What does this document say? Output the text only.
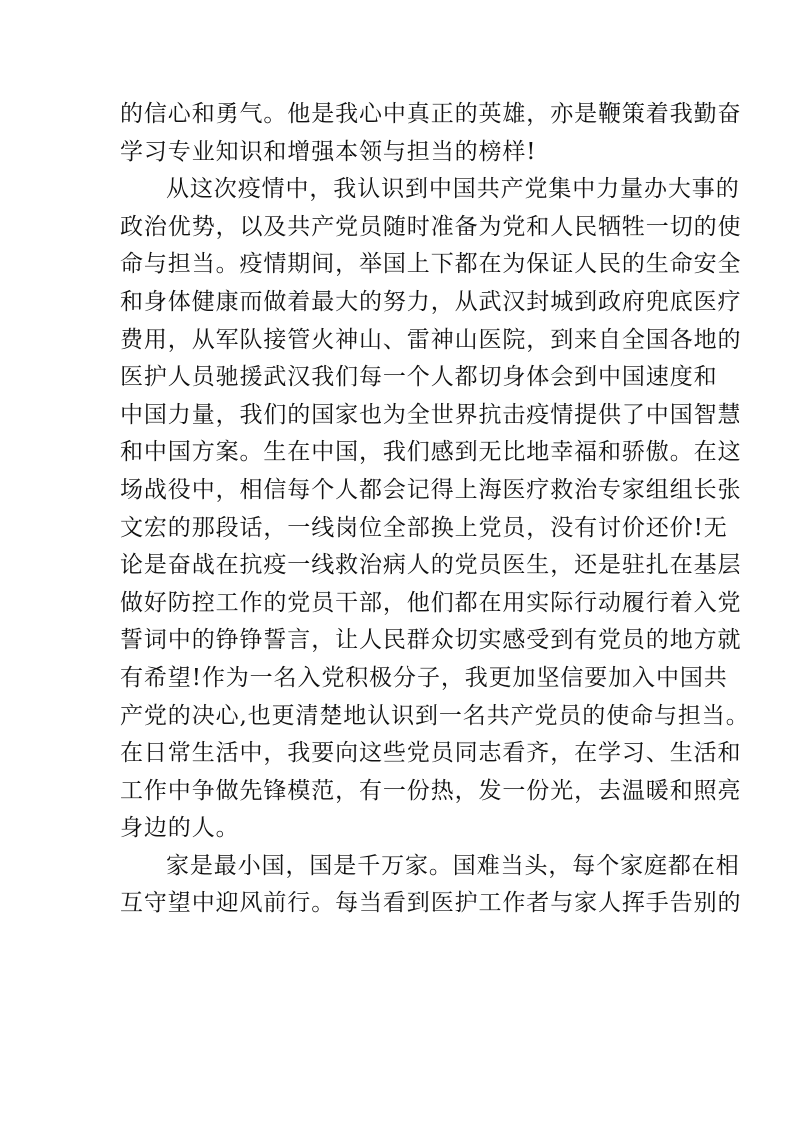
的信心和勇气。他是我心中真正的英雄，亦是鞭策着我勤奋
学习专业知识和增强本领与担当的榜样!

从这次疫情中，我认识到中国共产党集中力量办大事的
政治优势，以及共产党员随时准备为党和人民牺牲一切的使
命与担当。疫情期间，举国上下都在为保证人民的生命安全
和身体健康而做着最大的努力，从武汉封城到政府兜底医疗
费用，从军队接管火神山、雷神山医院，到来自全国各地的
医护人员驰援武汉我们每一个人都切身体会到中国速度和
中国力量，我们的国家也为全世界抗击疫情提供了中国智慧
和中国方案。生在中国，我们感到无比地幸福和骄傲。在这
场战役中，相信每个人都会记得上海医疗救治专家组组长张
文宏的那段话，一线岗位全部换上党员，没有讨价还价!无
论是奋战在抗疫一线救治病人的党员医生，还是驻扎在基层
做好防控工作的党员干部，他们都在用实际行动履行着入党
誓词中的铮铮誓言，让人民群众切实感受到有党员的地方就
有希望!作为一名入党积极分子，我更加坚信要加入中国共
产党的决心,也更清楚地认识到一名共产党员的使命与担当。
在日常生活中，我要向这些党员同志看齐，在学习、生活和
工作中争做先锋模范，有一份热，发一份光，去温暖和照亮
身边的人。

家是最小国，国是千万家。国难当头，每个家庭都在相
互守望中迎风前行。每当看到医护工作者与家人挥手告别的
